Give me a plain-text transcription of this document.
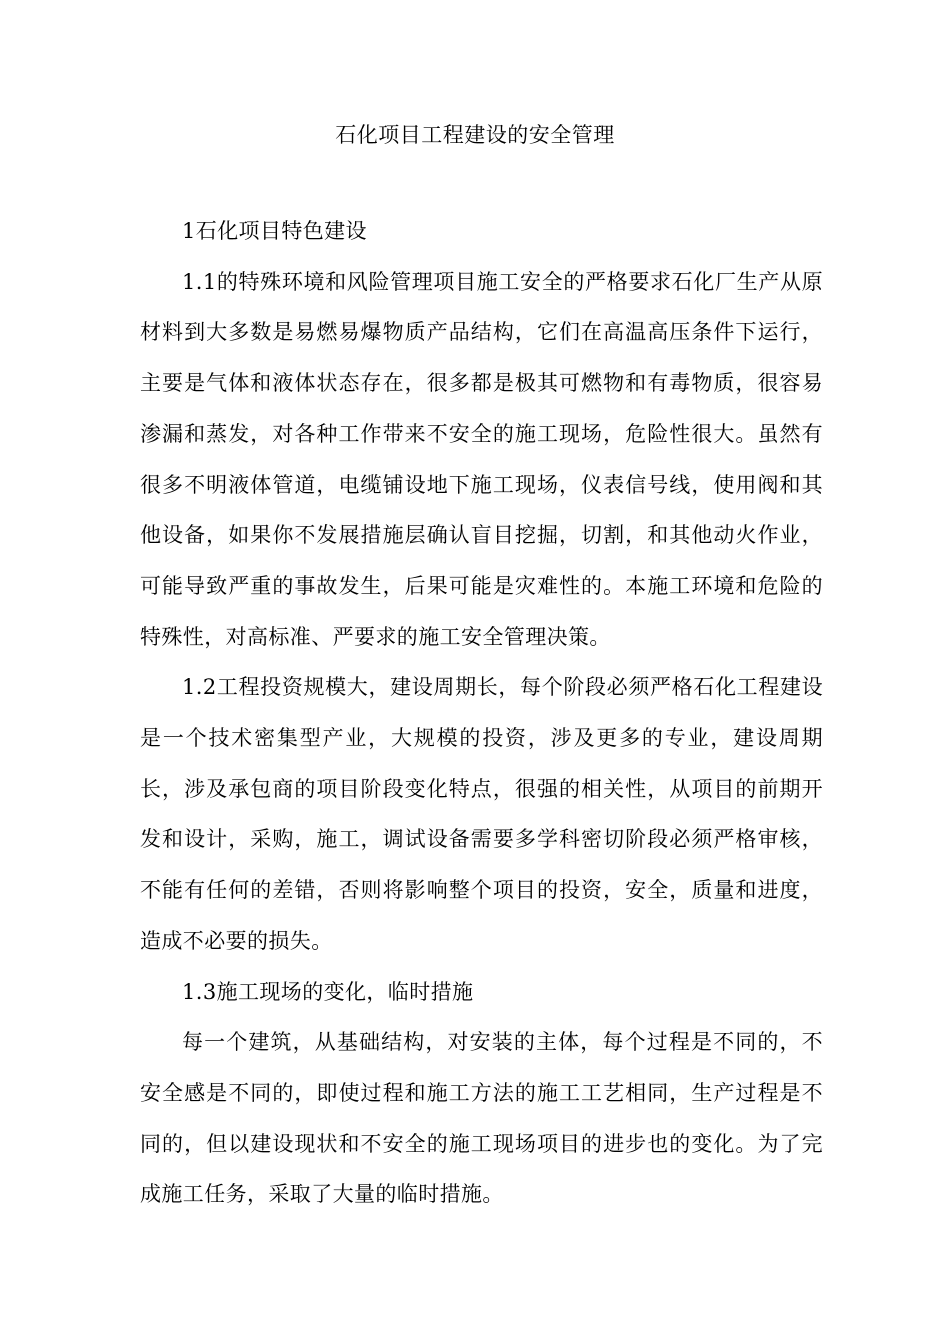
石化项目工程建设的安全管理

1石化项目特色建设

1.1的特殊环境和风险管理项目施工安全的严格要求石化厂生产从原材料到大多数是易燃易爆物质产品结构，它们在高温高压条件下运行，主要是气体和液体状态存在，很多都是极其可燃物和有毒物质，很容易渗漏和蒸发，对各种工作带来不安全的施工现场，危险性很大。虽然有很多不明液体管道，电缆铺设地下施工现场，仪表信号线，使用阀和其他设备，如果你不发展措施层确认盲目挖掘，切割，和其他动火作业，可能导致严重的事故发生，后果可能是灾难性的。本施工环境和危险的特殊性，对高标准、严要求的施工安全管理决策。

1.2工程投资规模大，建设周期长，每个阶段必须严格石化工程建设是一个技术密集型产业，大规模的投资，涉及更多的专业，建设周期长，涉及承包商的项目阶段变化特点，很强的相关性，从项目的前期开发和设计，采购，施工，调试设备需要多学科密切阶段必须严格审核，不能有任何的差错，否则将影响整个项目的投资，安全，质量和进度，造成不必要的损失。

1.3施工现场的变化，临时措施

每一个建筑，从基础结构，对安装的主体，每个过程是不同的，不安全感是不同的，即使过程和施工方法的施工工艺相同，生产过程是不同的，但以建设现状和不安全的施工现场项目的进步也的变化。为了完成施工任务，采取了大量的临时措施。
